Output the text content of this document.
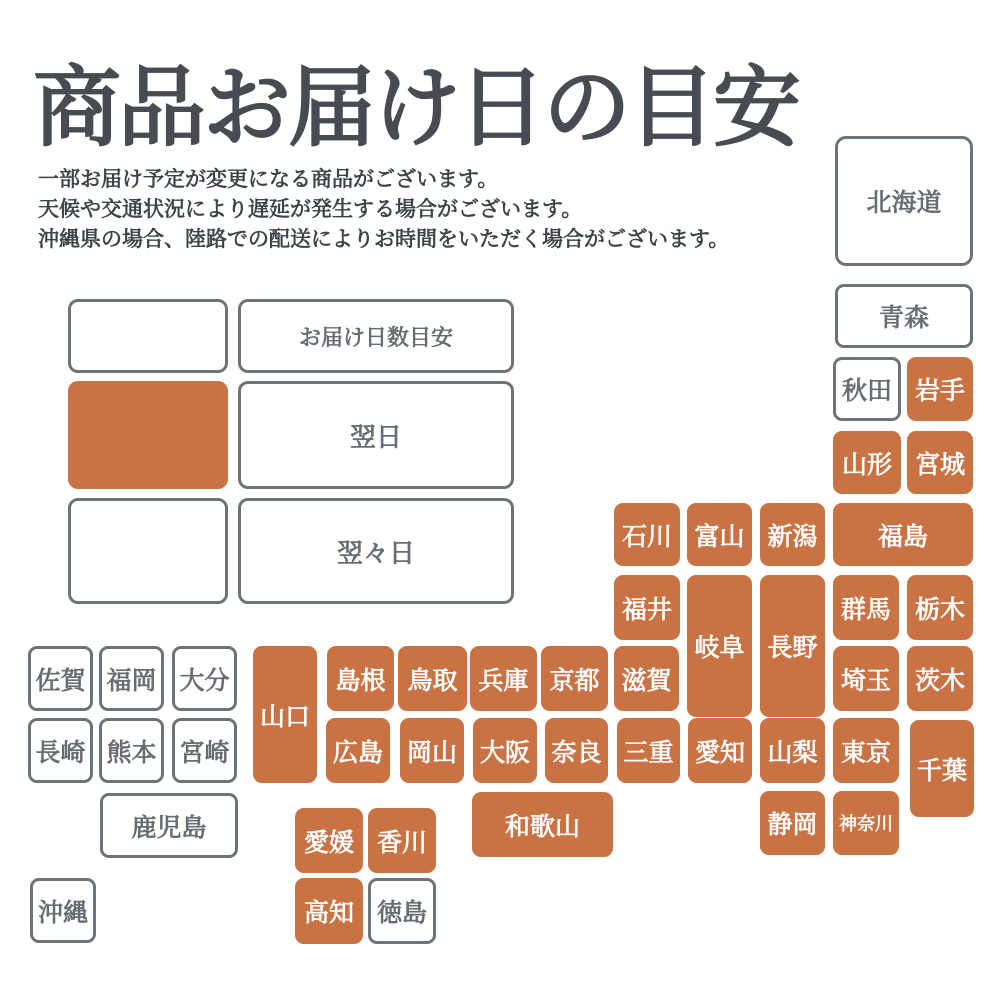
商品お届け日の目安

一部お届け予定が変更になる商品がございます。

天候や交通状況により遅延が発生する場合がございます。

沖縄県の場合、陸路での配送によりお時間をいただく場合がございます。

お届け日数目安
翌日
翌々日
北海道
青森
秋田 岩手
山形 宮城
石川 富山 新潟	福島
福井
岐阜 長野
群馬 栃木
佐賀 福岡 大分
山口
島根 鳥取 兵庫 京都 滋賀	埼玉 茨木
長崎 熊本 宮崎	広島 岡山 大阪 奈良 三重 愛知 山梨 東京
千葉
鹿児島	和歌山	静岡	神奈川
愛媛 香川
沖縄	高知 徳島
